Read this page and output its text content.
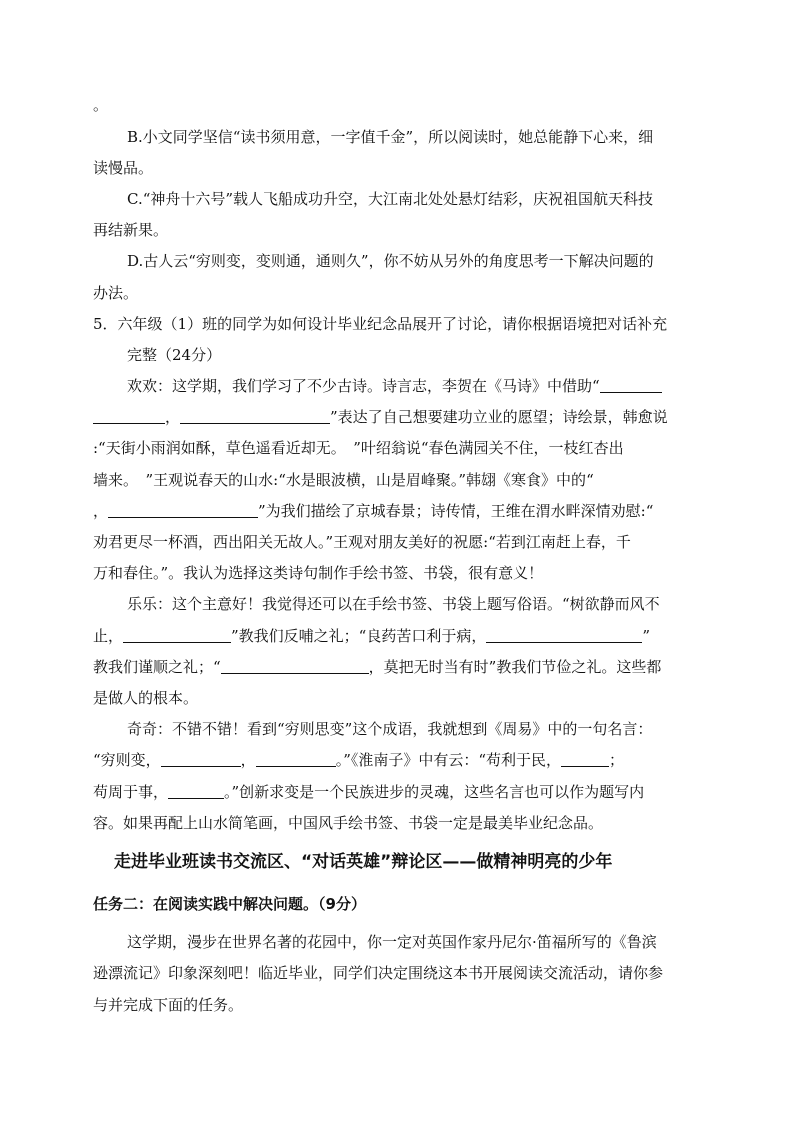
。
B.小文同学坚信“读书须用意，一字值千金”，所以阅读时，她总能静下心来，细
读慢品。
C.“神舟十六号”载人飞船成功升空，大江南北处处悬灯结彩，庆祝祖国航天科技
再结新果。
D.古人云“穷则变，变则通，通则久”，你不妨从另外的角度思考一下解决问题的
办法。
5．六年级（1）班的同学为如何设计毕业纪念品展开了讨论，请你根据语境把对话补充
完整（24分）
欢欢：这学期，我们学习了不少古诗。诗言志，李贺在《马诗》中借助“
，	”表达了自己想要建功立业的愿望；诗绘景，韩愈说
:“天街小雨润如酥，草色遥看近却无。　”叶绍翁说“春色满园关不住，一枝红杏出
墙来。　”王观说春天的山水:“水是眼波横，山是眉峰聚。”韩翃《寒食》中的“
，	”为我们描绘了京城春景；诗传情，王维在渭水畔深情劝慰:“
劝君更尽一杯酒，西出阳关无故人。”王观对朋友美好的祝愿:“若到江南赶上春，千
万和春住。”。我认为选择这类诗句制作手绘书签、书袋，很有意义！
乐乐：这个主意好！我觉得还可以在手绘书签、书袋上题写俗语。“树欲静而风不
止，	”教我们反哺之礼；“良药苦口利于病，	”
教我们谨顺之礼；“	，莫把无时当有时”教我们节俭之礼。这些都
是做人的根本。
奇奇：不错不错！看到“穷则思变”这个成语，我就想到《周易》中的一句名言：
“穷则变，	，	。”《淮南子》中有云：“苟利于民，	；
苟周于事，	。”创新求变是一个民族进步的灵魂，这些名言也可以作为题写内
容。如果再配上山水简笔画，中国风手绘书签、书袋一定是最美毕业纪念品。
走进毕业班读书交流区、“对话英雄”辩论区——做精神明亮的少年
任务二：在阅读实践中解决问题。（9分）
这学期，漫步在世界名著的花园中，你一定对英国作家丹尼尔·笛福所写的《鲁滨
逊漂流记》印象深刻吧！临近毕业，同学们决定围绕这本书开展阅读交流活动，请你参
与并完成下面的任务。
